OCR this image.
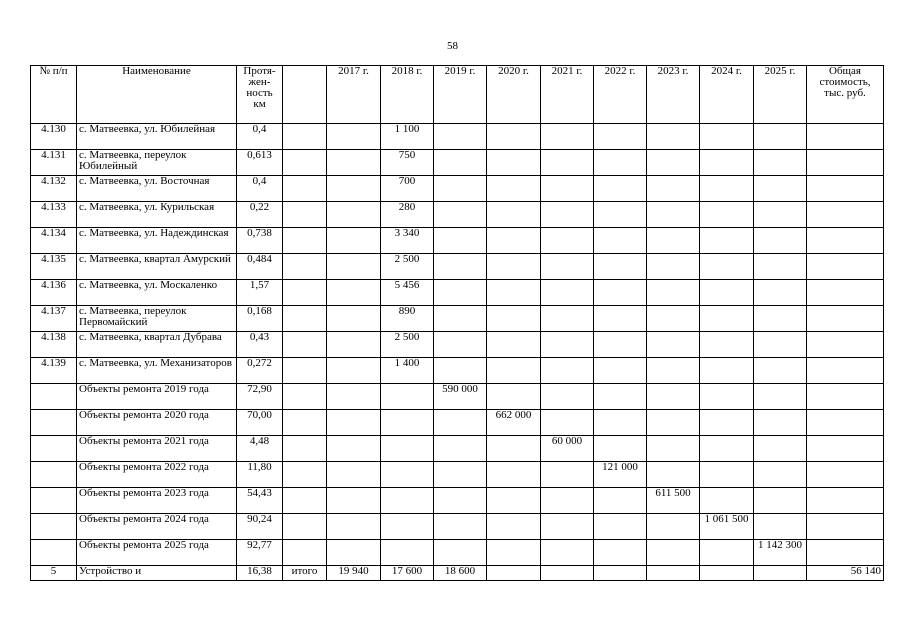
58
№ п/п	Наименование	Протя-
жен-
ность
км		2017 г.	2018 г.	2019 г.	2020 г.	2021 г.	2022 г.	2023 г.	2024 г.	2025 г.	Общая
стоимость,
тыс. руб.
4.130	с. Матвеевка, ул. Юбилейная	0,4			1 100								
4.131	с. Матвеевка, переулок Юбилейный	0,613			750								
4.132	с. Матвеевка, ул. Восточная	0,4			700								
4.133	с. Матвеевка, ул. Курильская	0,22			280								
4.134	с. Матвеевка, ул. Надеждинская	0,738			3 340								
4.135	с. Матвеевка, квартал Амурский	0,484			2 500								
4.136	с. Матвеевка, ул. Москаленко	1,57			5 456								
4.137	с. Матвеевка, переулок Первомайский	0,168			890								
4.138	с. Матвеевка, квартал Дубрава	0,43			2 500								
4.139	с. Матвеевка, ул. Механизаторов	0,272			1 400								
	Объекты ремонта 2019 года	72,90				590 000							
	Объекты ремонта 2020 года	70,00					662 000						
	Объекты ремонта 2021 года	4,48						60 000					
	Объекты ремонта 2022 года	11,80							121 000				
	Объекты ремонта 2023 года	54,43								611 500			
	Объекты ремонта 2024 года	90,24									1 061 500		
	Объекты ремонта 2025 года	92,77										1 142 300	
5	Устройство и	16,38	итого	19 940	17 600	18 600							56 140
